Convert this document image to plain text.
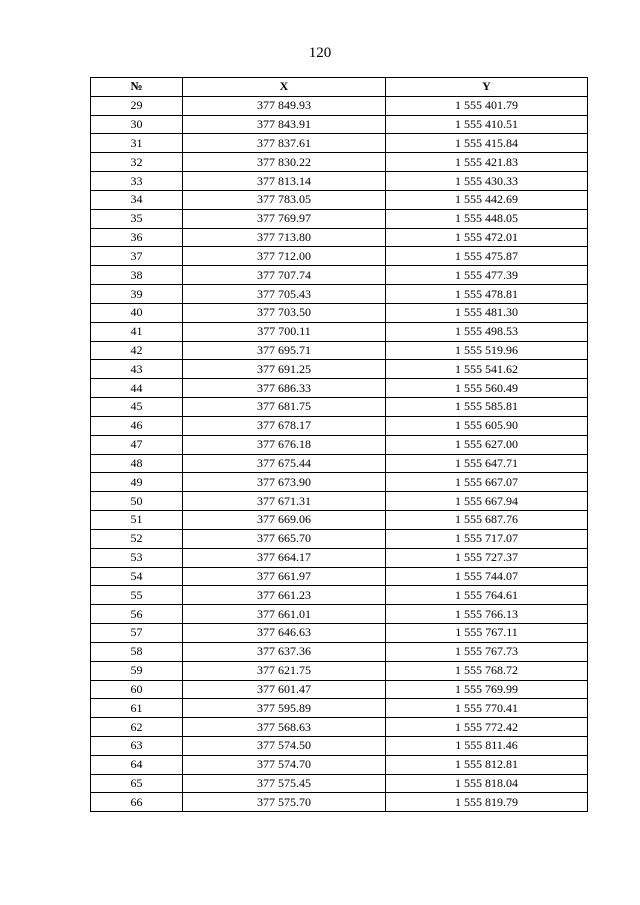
120
№	X	Y
29	377 849.93	1 555 401.79
30	377 843.91	1 555 410.51
31	377 837.61	1 555 415.84
32	377 830.22	1 555 421.83
33	377 813.14	1 555 430.33
34	377 783.05	1 555 442.69
35	377 769.97	1 555 448.05
36	377 713.80	1 555 472.01
37	377 712.00	1 555 475.87
38	377 707.74	1 555 477.39
39	377 705.43	1 555 478.81
40	377 703.50	1 555 481.30
41	377 700.11	1 555 498.53
42	377 695.71	1 555 519.96
43	377 691.25	1 555 541.62
44	377 686.33	1 555 560.49
45	377 681.75	1 555 585.81
46	377 678.17	1 555 605.90
47	377 676.18	1 555 627.00
48	377 675.44	1 555 647.71
49	377 673.90	1 555 667.07
50	377 671.31	1 555 667.94
51	377 669.06	1 555 687.76
52	377 665.70	1 555 717.07
53	377 664.17	1 555 727.37
54	377 661.97	1 555 744.07
55	377 661.23	1 555 764.61
56	377 661.01	1 555 766.13
57	377 646.63	1 555 767.11
58	377 637.36	1 555 767.73
59	377 621.75	1 555 768.72
60	377 601.47	1 555 769.99
61	377 595.89	1 555 770.41
62	377 568.63	1 555 772.42
63	377 574.50	1 555 811.46
64	377 574.70	1 555 812.81
65	377 575.45	1 555 818.04
66	377 575.70	1 555 819.79
